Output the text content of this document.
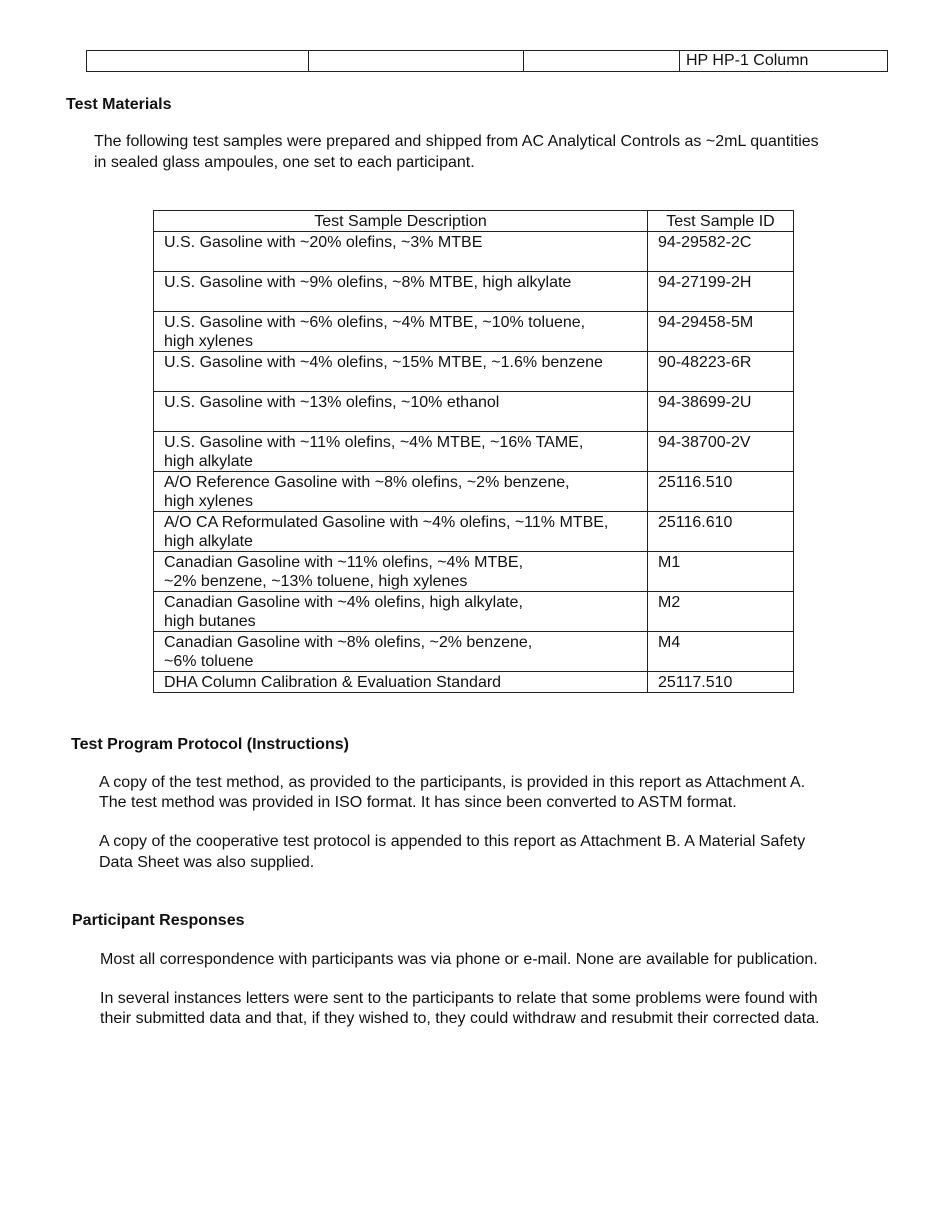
			HP HP-1 Column
Test Materials

The following test samples were prepared and shipped from AC Analytical Controls as ~2mL quantities

in sealed glass ampoules, one set to each participant.

Test Sample Description	Test Sample ID

U.S. Gasoline with ~20% olefins, ~3% MTBE	94-29582-2C

U.S. Gasoline with ~9% olefins, ~8% MTBE, high alkylate	94-27199-2H

U.S. Gasoline with ~6% olefins, ~4% MTBE, ~10% toluene,
high xylenes	94-29458-5M

U.S. Gasoline with ~4% olefins, ~15% MTBE, ~1.6% benzene	90-48223-6R

U.S. Gasoline with ~13% olefins, ~10% ethanol	94-38699-2U

U.S. Gasoline with ~11% olefins, ~4% MTBE, ~16% TAME,
high alkylate	94-38700-2V

A/O Reference Gasoline with ~8% olefins, ~2% benzene,
high xylenes	25116.510

A/O CA Reformulated Gasoline with ~4% olefins, ~11% MTBE,
high alkylate	25116.610

Canadian Gasoline with ~11% olefins, ~4% MTBE,
~2% benzene, ~13% toluene, high xylenes	M1

Canadian Gasoline with ~4% olefins, high alkylate,
high butanes	M2

Canadian Gasoline with ~8% olefins, ~2% benzene,
~6% toluene	M4

DHA Column Calibration & Evaluation Standard	25117.510
Test Program Protocol (Instructions)

A copy of the test method, as provided to the participants, is provided in this report as Attachment A.

The test method was provided in ISO format. It has since been converted to ASTM format.

A copy of the cooperative test protocol is appended to this report as Attachment B. A Material Safety

Data Sheet was also supplied.

Participant Responses

Most all correspondence with participants was via phone or e-mail. None are available for publication.

In several instances letters were sent to the participants to relate that some problems were found with

their submitted data and that, if they wished to, they could withdraw and resubmit their corrected data.
